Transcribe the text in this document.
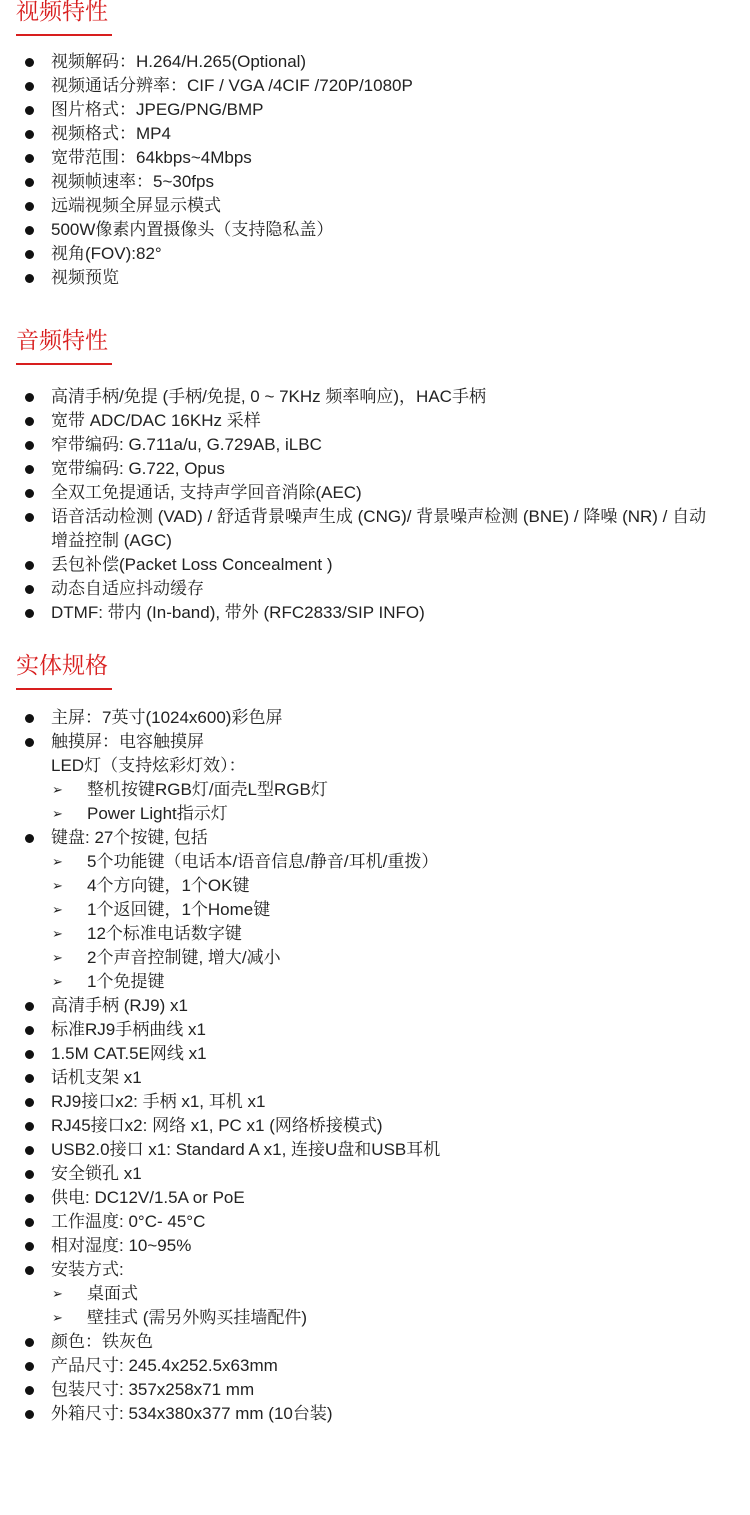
视频特性
视频解码：H.264/H.265(Optional)
视频通话分辨率：CIF / VGA /4CIF /720P/1080P
图片格式：JPEG/PNG/BMP
视频格式：MP4
宽带范围：64kbps~4Mbps
视频帧速率：5~30fps
远端视频全屏显示模式
500W像素内置摄像头（支持隐私盖）
视角(FOV):82°
视频预览
音频特性
高清手柄/免提 (手柄/免提, 0 ~ 7KHz 频率响应)，HAC手柄
宽带 ADC/DAC 16KHz 采样
窄带编码: G.711a/u, G.729AB, iLBC
宽带编码: G.722, Opus
全双工免提通话, 支持声学回音消除(AEC)
语音活动检测 (VAD) / 舒适背景噪声生成 (CNG)/ 背景噪声检测 (BNE) / 降噪 (NR) / 自动增益控制 (AGC)
丢包补偿(Packet Loss Concealment )
动态自适应抖动缓存
DTMF: 带内 (In-band), 带外 (RFC2833/SIP INFO)
实体规格
主屏：7英寸(1024x600)彩色屏
触摸屏：电容触摸屏
LED灯（支持炫彩灯效）：
➢ 整机按键RGB灯/面壳L型RGB灯
➢ Power Light指示灯
键盘: 27个按键, 包括
➢ 5个功能键（电话本/语音信息/静音/耳机/重拨）
➢ 4个方向键，1个OK键
➢ 1个返回键，1个Home键
➢ 12个标准电话数字键
➢ 2个声音控制键, 增大/减小
➢ 1个免提键
高清手柄 (RJ9) x1
标准RJ9手柄曲线 x1
1.5M CAT.5E网线 x1
话机支架 x1
RJ9接口x2: 手柄 x1, 耳机 x1
RJ45接口x2: 网络 x1, PC x1 (网络桥接模式)
USB2.0接口 x1: Standard A x1, 连接U盘和USB耳机
安全锁孔 x1
供电: DC12V/1.5A or PoE
工作温度: 0°C- 45°C
相对湿度: 10~95%
安装方式:
➢ 桌面式
➢ 壁挂式 (需另外购买挂墙配件)
颜色：铁灰色
产品尺寸: 245.4x252.5x63mm
包装尺寸: 357x258x71 mm
外箱尺寸: 534x380x377 mm (10台装)
